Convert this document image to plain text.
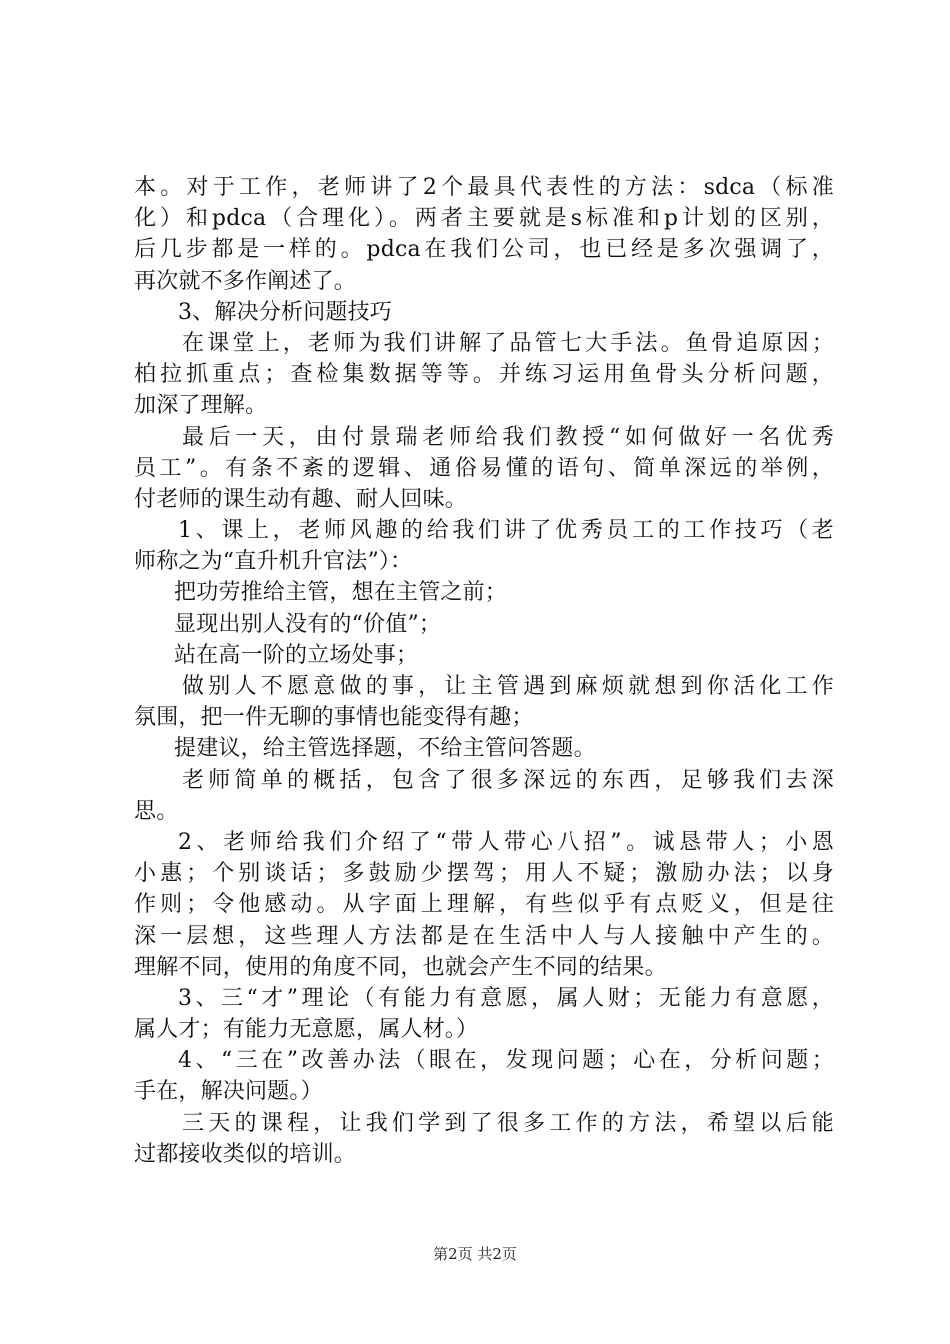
本。对于工作，老师讲了2个最具代表性的方法：sdca（标准
化）和pdca（合理化）。两者主要就是s标准和p计划的区别，
后几步都是一样的。pdca在我们公司，也已经是多次强调了，
再次就不多作阐述了。
3、解决分析问题技巧
在课堂上，老师为我们讲解了品管七大手法。鱼骨追原因；
柏拉抓重点；查检集数据等等。并练习运用鱼骨头分析问题，
加深了理解。
最后一天，由付景瑞老师给我们教授“如何做好一名优秀
员工”。有条不紊的逻辑、通俗易懂的语句、简单深远的举例，
付老师的课生动有趣、耐人回味。
1、课上，老师风趣的给我们讲了优秀员工的工作技巧（老
师称之为“直升机升官法”）：
把功劳推给主管，想在主管之前；
显现出别人没有的“价值”；
站在高一阶的立场处事；
做别人不愿意做的事，让主管遇到麻烦就想到你活化工作
氛围，把一件无聊的事情也能变得有趣；
提建议，给主管选择题，不给主管问答题。
老师简单的概括，包含了很多深远的东西，足够我们去深
思。
2、老师给我们介绍了“带人带心八招”。诚恳带人；小恩
小惠；个别谈话；多鼓励少摆驾；用人不疑；激励办法；以身
作则；令他感动。从字面上理解，有些似乎有点贬义，但是往
深一层想，这些理人方法都是在生活中人与人接触中产生的。
理解不同，使用的角度不同，也就会产生不同的结果。
3、三“才”理论（有能力有意愿，属人财；无能力有意愿，
属人才；有能力无意愿，属人材。）
4、“三在”改善办法（眼在，发现问题；心在，分析问题；
手在，解决问题。）
三天的课程，让我们学到了很多工作的方法，希望以后能
过都接收类似的培训。
第2页 共2页
